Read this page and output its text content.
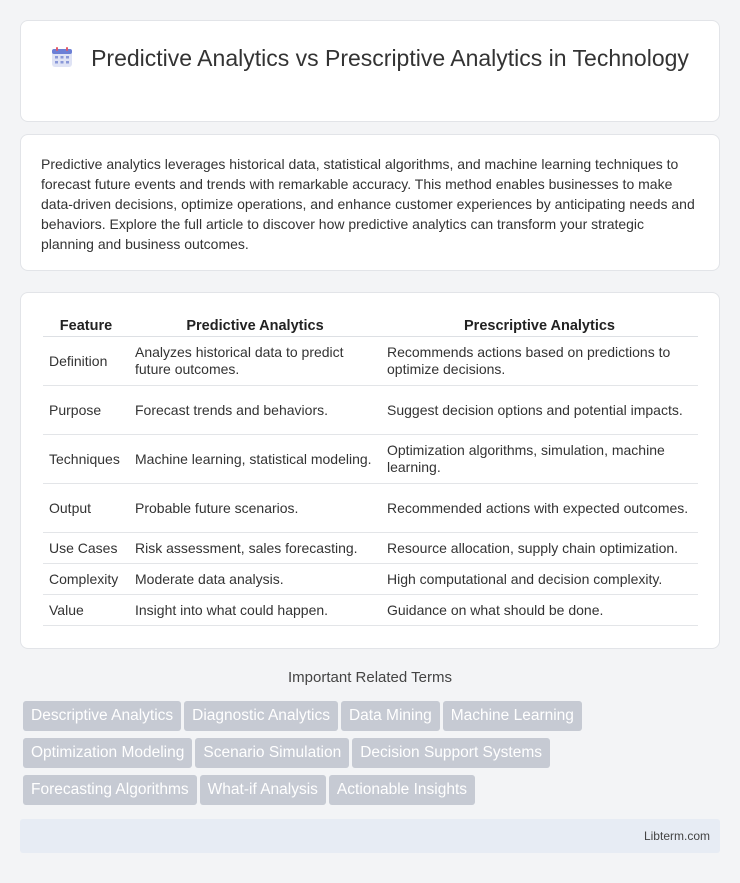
Predictive Analytics vs Prescriptive Analytics in Technology

Predictive analytics leverages historical data, statistical algorithms, and machine learning techniques to forecast future events and trends with remarkable accuracy. This method enables businesses to make data-driven decisions, optimize operations, and enhance customer experiences by anticipating needs and behaviors. Explore the full article to discover how predictive analytics can transform your strategic planning and business outcomes.

Feature	Predictive Analytics	Prescriptive Analytics
Definition	Analyzes historical data to predict future outcomes.	Recommends actions based on predictions to optimize decisions.
Purpose	Forecast trends and behaviors.	Suggest decision options and potential impacts.
Techniques	Machine learning, statistical modeling.	Optimization algorithms, simulation, machine learning.
Output	Probable future scenarios.	Recommended actions with expected outcomes.
Use Cases	Risk assessment, sales forecasting.	Resource allocation, supply chain optimization.
Complexity	Moderate data analysis.	High computational and decision complexity.
Value	Insight into what could happen.	Guidance on what should be done.
Important Related Terms
Descriptive Analytics Diagnostic Analytics Data Mining Machine Learning
Optimization Modeling Scenario Simulation Decision Support Systems
Forecasting Algorithms What-if Analysis Actionable Insights
Libterm.com
